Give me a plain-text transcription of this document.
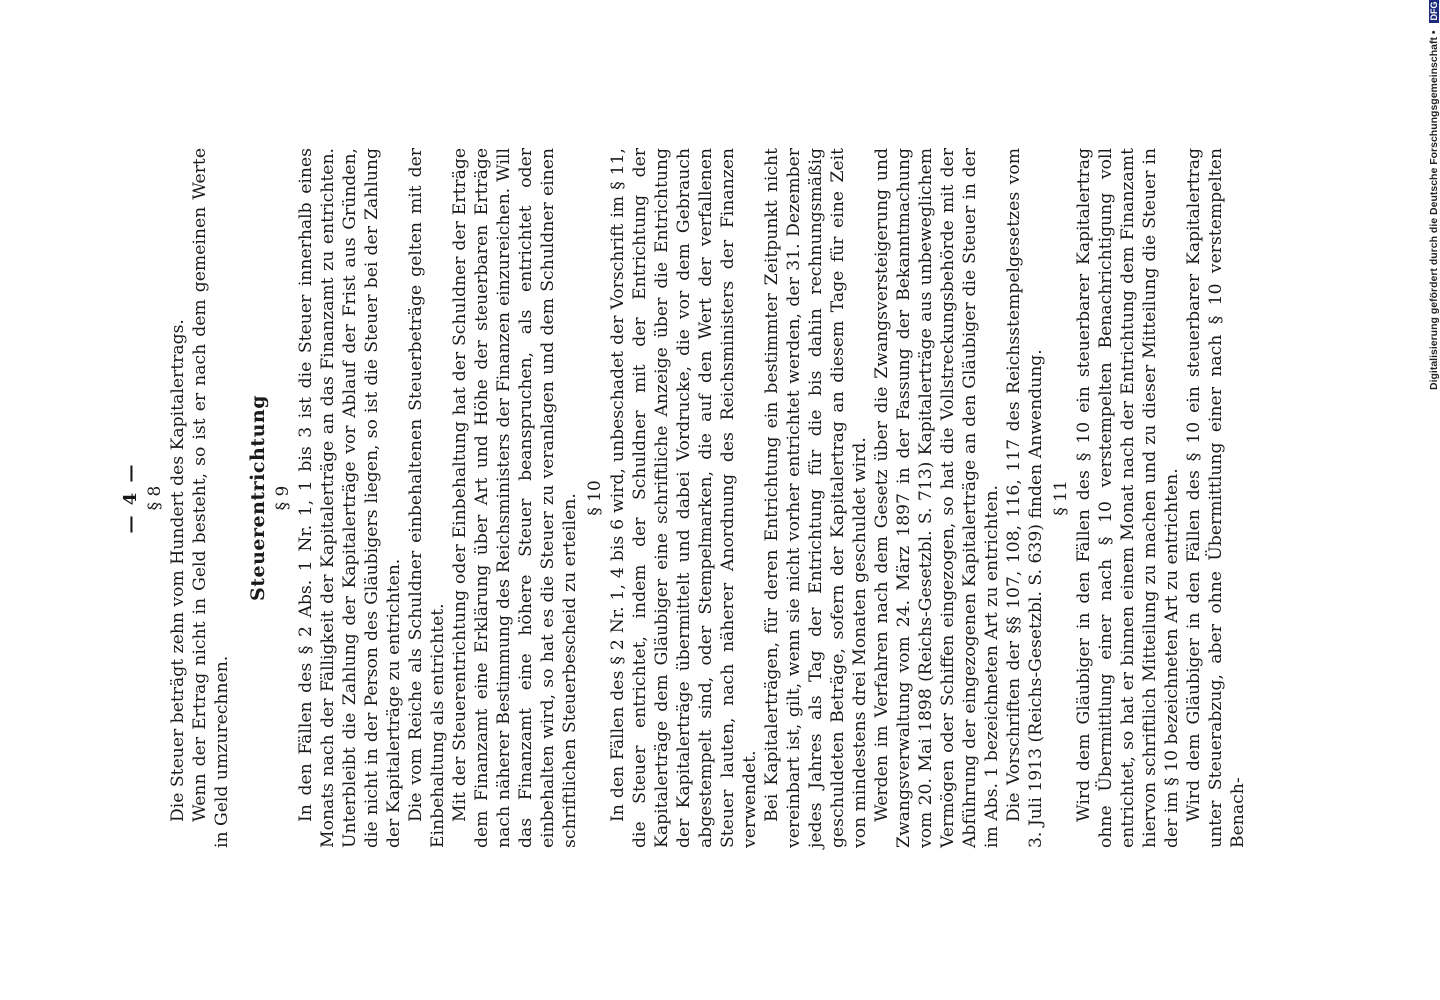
— 4 — § 8 Die Steuer beträgt zehn vom Hundert des Kapitalertrags. Wenn der Ertrag nicht in Geld besteht, so ist er nach dem gemeinen Werte in Geld umzurechnen.

Steuerentrichtung § 9 In den Fällen des § 2 Abs. 1 Nr. 1, 1 bis 3 ist die Steuer innerhalb eines Monats nach der Fälligkeit der Kapitalerträge an das Finanzamt zu entrichten. Unterbleibt die Zahlung der Kapitalerträge vor Ablauf der Frist aus Gründen, die nicht in der Person des Gläubigers liegen, so ist die Steuer bei der Zahlung der Kapitalerträge zu entrichten. Die vom Reiche als Schuldner einbehaltenen Steuerbeträge gelten mit der Einbehaltung als entrichtet. Mit der Steuerentrichtung oder Einbehaltung hat der Schuldner der Erträge dem Finanzamt eine Erklärung über Art und Höhe der steuerbaren Erträge nach näherer Bestimmung des Reichsministers der Finanzen einzureichen. Will das Finanzamt eine höhere Steuer beanspruchen, als entrichtet oder einbehalten wird, so hat es die Steuer zu veranlagen und dem Schuldner einen schriftlichen Steuerbescheid zu erteilen. § 10 In den Fällen des § 2 Nr. 1, 4 bis 6 wird, unbeschadet der Vorschrift im § 11, die Steuer entrichtet, indem der Schuldner mit der Entrichtung der Kapitalerträge dem Gläubiger eine schriftliche Anzeige über die Entrichtung der Kapitalerträge übermittelt und dabei Vordrucke, die vor dem Gebrauch abgestempelt sind, oder Stempelmarken, die auf den Wert der verfallenen Steuer lauten, nach näherer Anordnung des Reichsministers der Finanzen verwendet. Bei Kapitalerträgen, für deren Entrichtung ein bestimmter Zeitpunkt nicht vereinbart ist, gilt, wenn sie nicht vorher entrichtet werden, der 31. Dezember jedes Jahres als Tag der Entrichtung für die bis dahin rechnungsmäßig geschuldeten Beträge, sofern der Kapitalertrag an diesem Tage für eine Zeit von mindestens drei Monaten geschuldet wird. Werden im Verfahren nach dem Gesetz über die Zwangsversteigerung und Zwangsverwaltung vom 24. März 1897 in der Fassung der Bekanntmachung vom 20. Mai 1898 (Reichs-Gesetzbl. S. 713) Kapitalerträge aus unbeweglichem Vermögen oder Schiffen eingezogen, so hat die Vollstreckungsbehörde mit der Abführung der eingezogenen Kapitalerträge an den Gläubiger die Steuer in der im Abs. 1 bezeichneten Art zu entrichten. Die Vorschriften der §§ 107, 108, 116, 117 des Reichsstempelgesetzes vom 3. Juli 1913 (Reichs-Gesetzbl. S. 639) finden Anwendung. § 11 Wird dem Gläubiger in den Fällen des § 10 ein steuerbarer Kapitalertrag ohne Übermittlung einer nach § 10 verstempelten Benachrichtigung voll entrichtet, so hat er binnen einem Monat nach der Entrichtung dem Finanzamt hiervon schriftlich Mitteilung zu machen und zu dieser Mitteilung die Steuer in der im § 10 bezeichneten Art zu entrichten. Wird dem Gläubiger in den Fällen des § 10 ein steuerbarer Kapitalertrag unter Steuerabzug, aber ohne Übermittlung einer nach § 10 verstempelten Benach-

Digitalisierung gefördert durch die Deutsche Forschungsgemeinschaft • DFG
